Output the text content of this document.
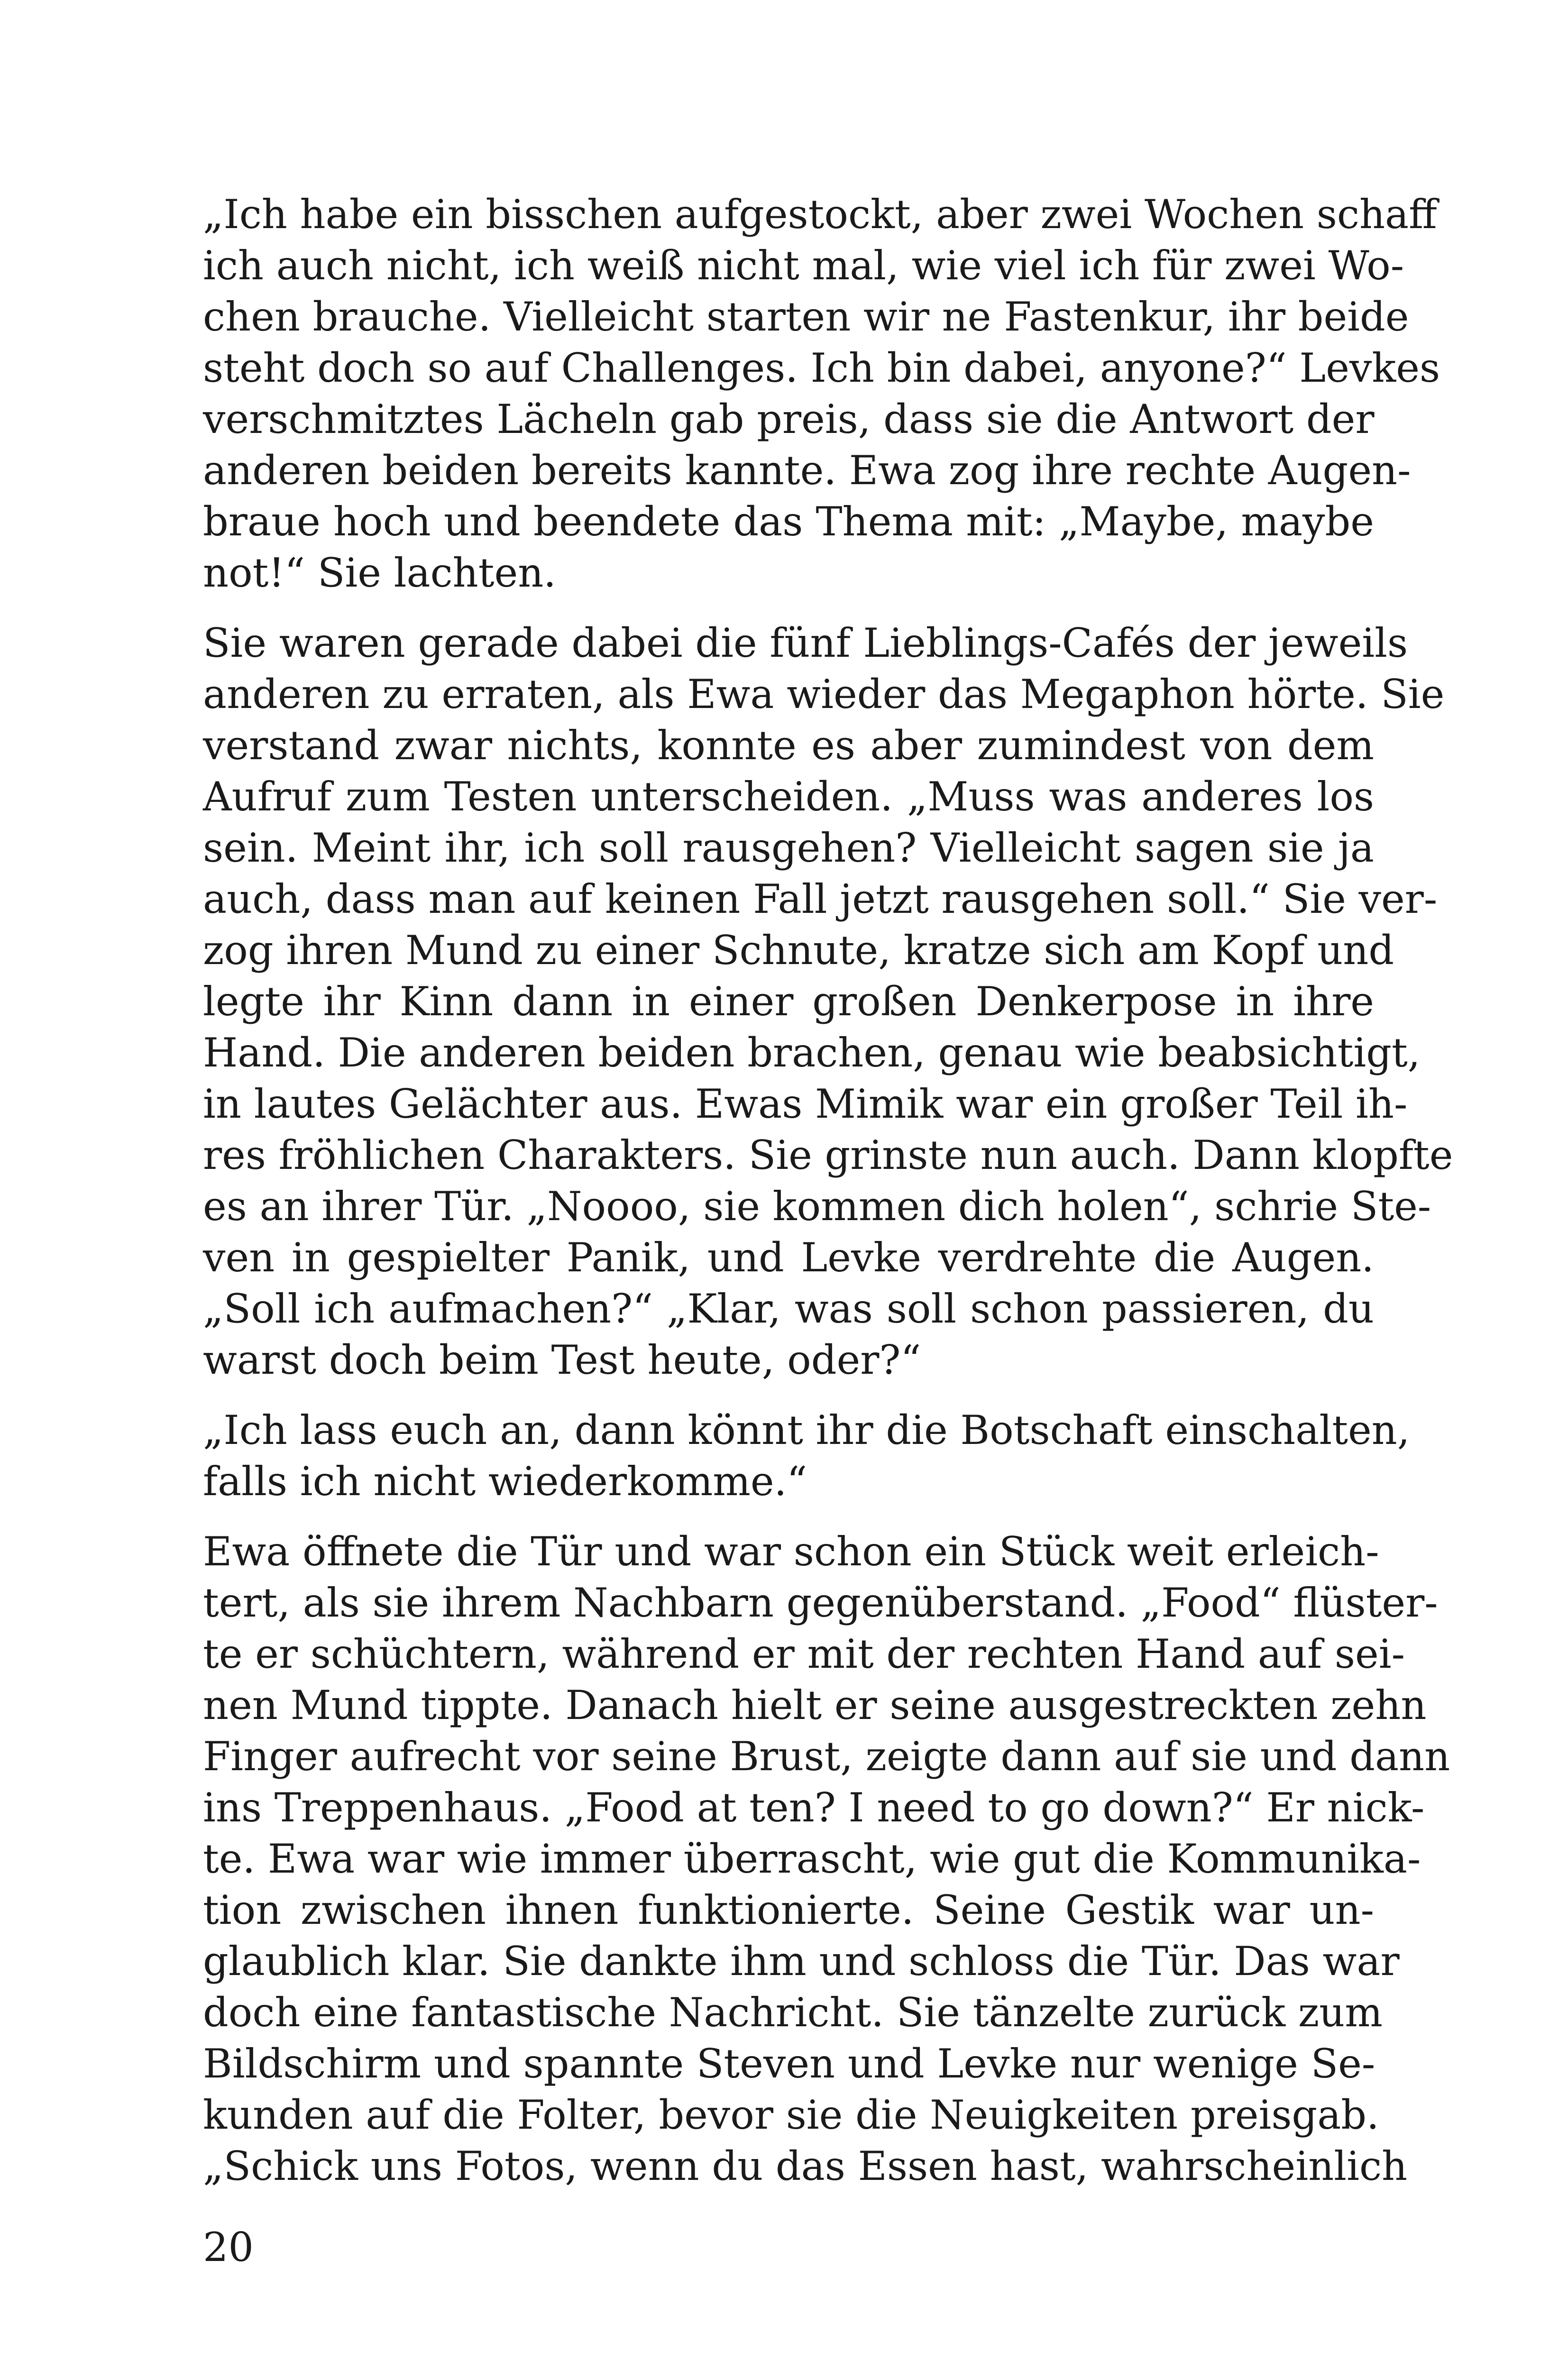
„Ich habe ein bisschen aufgestockt, aber zwei Wochen schaff
ich auch nicht, ich weiß nicht mal, wie viel ich für zwei Wo-
chen brauche. Vielleicht starten wir ne Fastenkur, ihr beide
steht doch so auf Challenges. Ich bin dabei, anyone?“ Levkes
verschmitztes Lächeln gab preis, dass sie die Antwort der
anderen beiden bereits kannte. Ewa zog ihre rechte Augen-
braue hoch und beendete das Thema mit: „Maybe, maybe
not!“ Sie lachten.
Sie waren gerade dabei die fünf Lieblings-Cafés der jeweils
anderen zu erraten, als Ewa wieder das Megaphon hörte. Sie
verstand zwar nichts, konnte es aber zumindest von dem
Aufruf zum Testen unterscheiden. „Muss was anderes los
sein. Meint ihr, ich soll rausgehen? Vielleicht sagen sie ja
auch, dass man auf keinen Fall jetzt rausgehen soll.“ Sie ver-
zog ihren Mund zu einer Schnute, kratze sich am Kopf und
legte ihr Kinn dann in einer großen Denkerpose in ihre
Hand. Die anderen beiden brachen, genau wie beabsichtigt,
in lautes Gelächter aus. Ewas Mimik war ein großer Teil ih-
res fröhlichen Charakters. Sie grinste nun auch. Dann klopfte
es an ihrer Tür. „Noooo, sie kommen dich holen“, schrie Ste-
ven in gespielter Panik, und Levke verdrehte die Augen.
„Soll ich aufmachen?“ „Klar, was soll schon passieren, du
warst doch beim Test heute, oder?“
„Ich lass euch an, dann könnt ihr die Botschaft einschalten,
falls ich nicht wiederkomme.“
Ewa öffnete die Tür und war schon ein Stück weit erleich-
tert, als sie ihrem Nachbarn gegenüberstand. „Food“ flüster-
te er schüchtern, während er mit der rechten Hand auf sei-
nen Mund tippte. Danach hielt er seine ausgestreckten zehn
Finger aufrecht vor seine Brust, zeigte dann auf sie und dann
ins Treppenhaus. „Food at ten? I need to go down?“ Er nick-
te. Ewa war wie immer überrascht, wie gut die Kommunika-
tion zwischen ihnen funktionierte. Seine Gestik war un-
glaublich klar. Sie dankte ihm und schloss die Tür. Das war
doch eine fantastische Nachricht. Sie tänzelte zurück zum
Bildschirm und spannte Steven und Levke nur wenige Se-
kunden auf die Folter, bevor sie die Neuigkeiten preisgab.
„Schick uns Fotos, wenn du das Essen hast, wahrscheinlich
20
